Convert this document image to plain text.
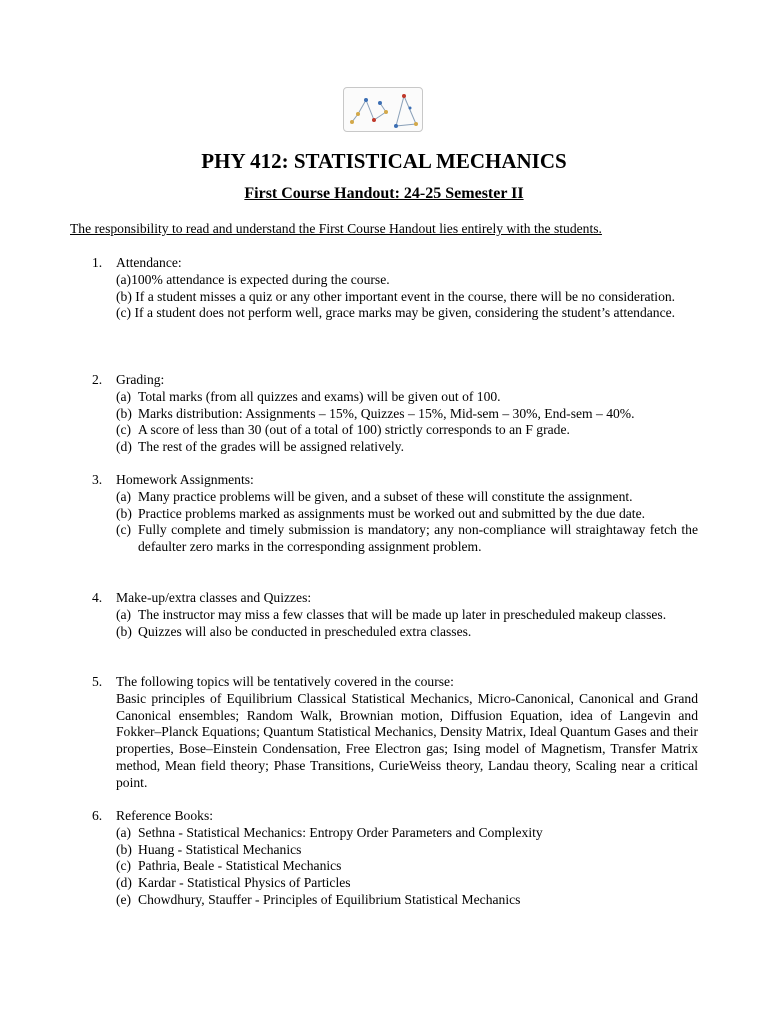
PHY 412: STATISTICAL MECHANICS
First Course Handout: 24-25 Semester II
The responsibility to read and understand the First Course Handout lies entirely with the students.
1. Attendance:
(a)100% attendance is expected during the course.
(b) If a student misses a quiz or any other important event in the course, there will be no consideration.
(c) If a student does not perform well, grace marks may be given, considering the student’s attendance.
2. Grading:
(a) Total marks (from all quizzes and exams) will be given out of 100.
(b) Marks distribution: Assignments – 15%, Quizzes – 15%, Mid-sem – 30%, End-sem – 40%.
(c) A score of less than 30 (out of a total of 100) strictly corresponds to an F grade.
(d) The rest of the grades will be assigned relatively.
3. Homework Assignments:
(a) Many practice problems will be given, and a subset of these will constitute the assignment.
(b) Practice problems marked as assignments must be worked out and submitted by the due date.
(c) Fully complete and timely submission is mandatory; any non-compliance will straightaway fetch the defaulter zero marks in the corresponding assignment problem.
4. Make-up/extra classes and Quizzes:
(a) The instructor may miss a few classes that will be made up later in prescheduled makeup classes.
(b) Quizzes will also be conducted in prescheduled extra classes.
5. The following topics will be tentatively covered in the course:
Basic principles of Equilibrium Classical Statistical Mechanics, Micro-Canonical, Canonical and Grand Canonical ensembles; Random Walk, Brownian motion, Diffusion Equation, idea of Langevin and Fokker–Planck Equations; Quantum Statistical Mechanics, Density Matrix, Ideal Quantum Gases and their properties, Bose–Einstein Condensation, Free Electron gas; Ising model of Magnetism, Transfer Matrix method, Mean field theory; Phase Transitions, CurieWeiss theory, Landau theory, Scaling near a critical point.
6. Reference Books:
(a) Sethna - Statistical Mechanics: Entropy Order Parameters and Complexity
(b) Huang - Statistical Mechanics
(c) Pathria, Beale - Statistical Mechanics
(d) Kardar - Statistical Physics of Particles
(e) Chowdhury, Stauffer - Principles of Equilibrium Statistical Mechanics
